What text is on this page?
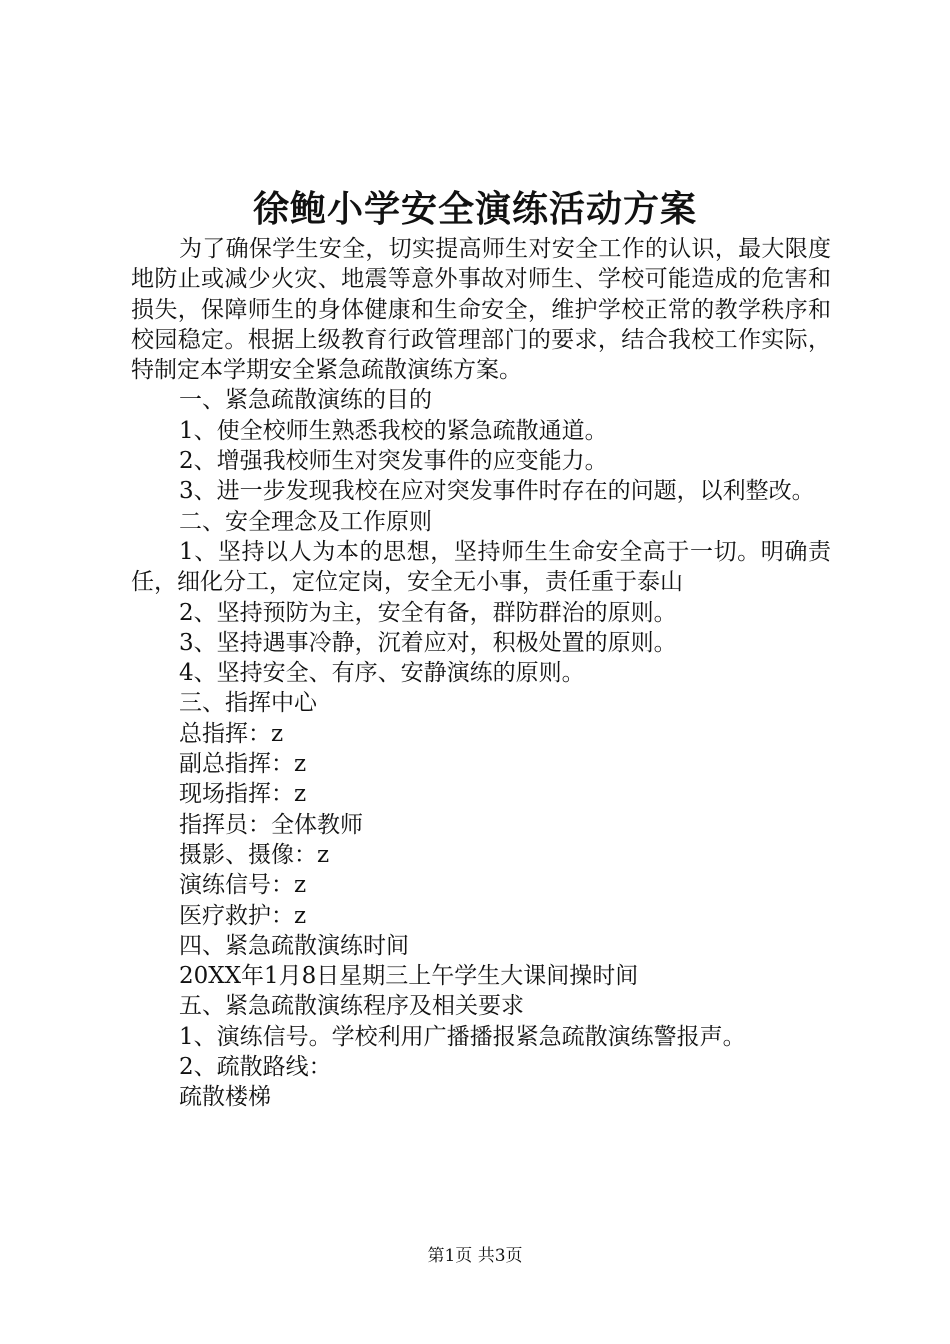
徐鲍小学安全演练活动方案

为了确保学生安全，切实提高师生对安全工作的认识，最大限度地防止或减少火灾、地震等意外事故对师生、学校可能造成的危害和损失，保障师生的身体健康和生命安全，维护学校正常的教学秩序和校园稳定。根据上级教育行政管理部门的要求，结合我校工作实际，特制定本学期安全紧急疏散演练方案。

一、紧急疏散演练的目的

1、使全校师生熟悉我校的紧急疏散通道。

2、增强我校师生对突发事件的应变能力。

3、进一步发现我校在应对突发事件时存在的问题，以利整改。

二、安全理念及工作原则

1、坚持以人为本的思想，坚持师生生命安全高于一切。明确责任，细化分工，定位定岗，安全无小事，责任重于泰山

2、坚持预防为主，安全有备，群防群治的原则。

3、坚持遇事冷静，沉着应对，积极处置的原则。

4、坚持安全、有序、安静演练的原则。

三、指挥中心

总指挥：z

副总指挥：z

现场指挥：z

指挥员：全体教师

摄影、摄像：z

演练信号：z

医疗救护：z

四、紧急疏散演练时间

20XX年1月8日星期三上午学生大课间操时间

五、紧急疏散演练程序及相关要求

1、演练信号。学校利用广播播报紧急疏散演练警报声。

2、疏散路线：

疏散楼梯

第1页 共3页
